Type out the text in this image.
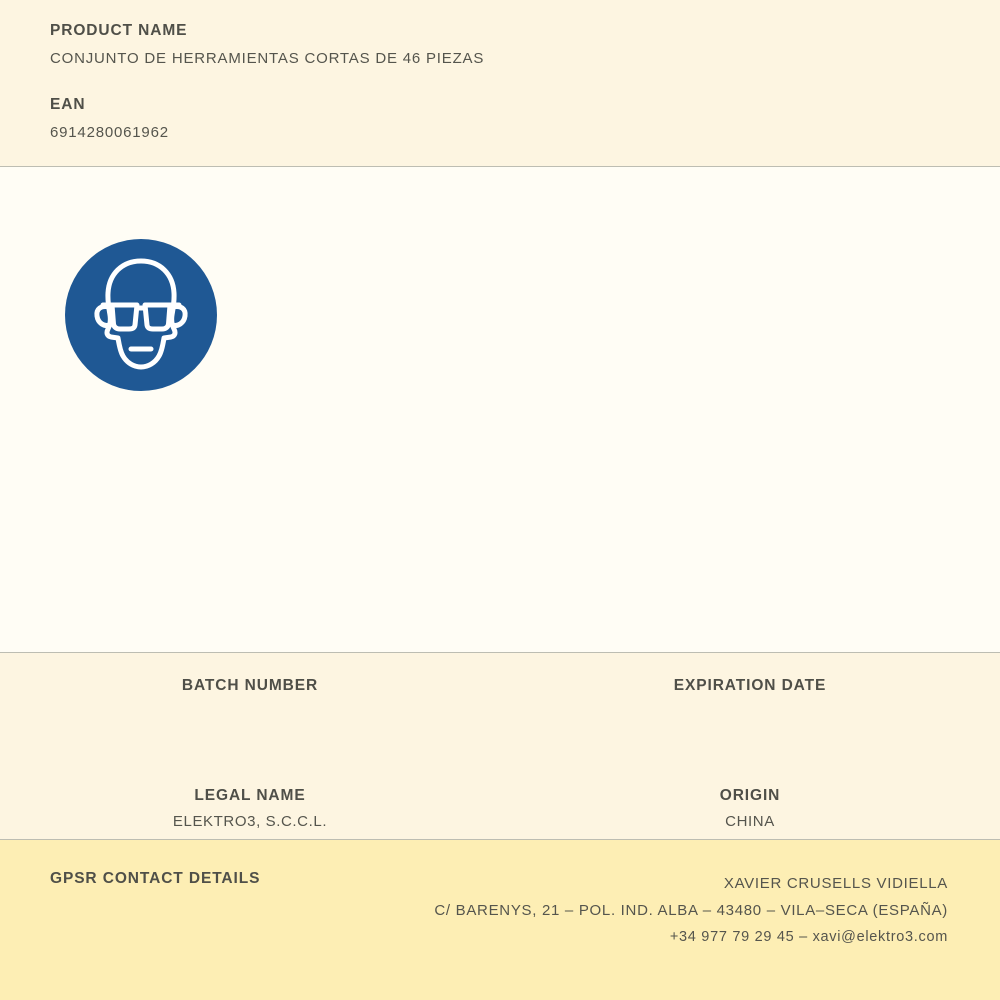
PRODUCT NAME
CONJUNTO DE HERRAMIENTAS CORTAS DE 46 PIEZAS
EAN
6914280061962
BATCH NUMBER	EXPIRATION DATE
LEGAL NAME
ELEKTRO3, S.C.C.L.
ORIGIN
CHINA
GPSR CONTACT DETAILS	XAVIER CRUSELLS VIDIELLA
C/ BARENYS, 21 – POL. IND. ALBA – 43480 – VILA–SECA (ESPAÑA)
+34 977 79 29 45 – xavi@elektro3.com
